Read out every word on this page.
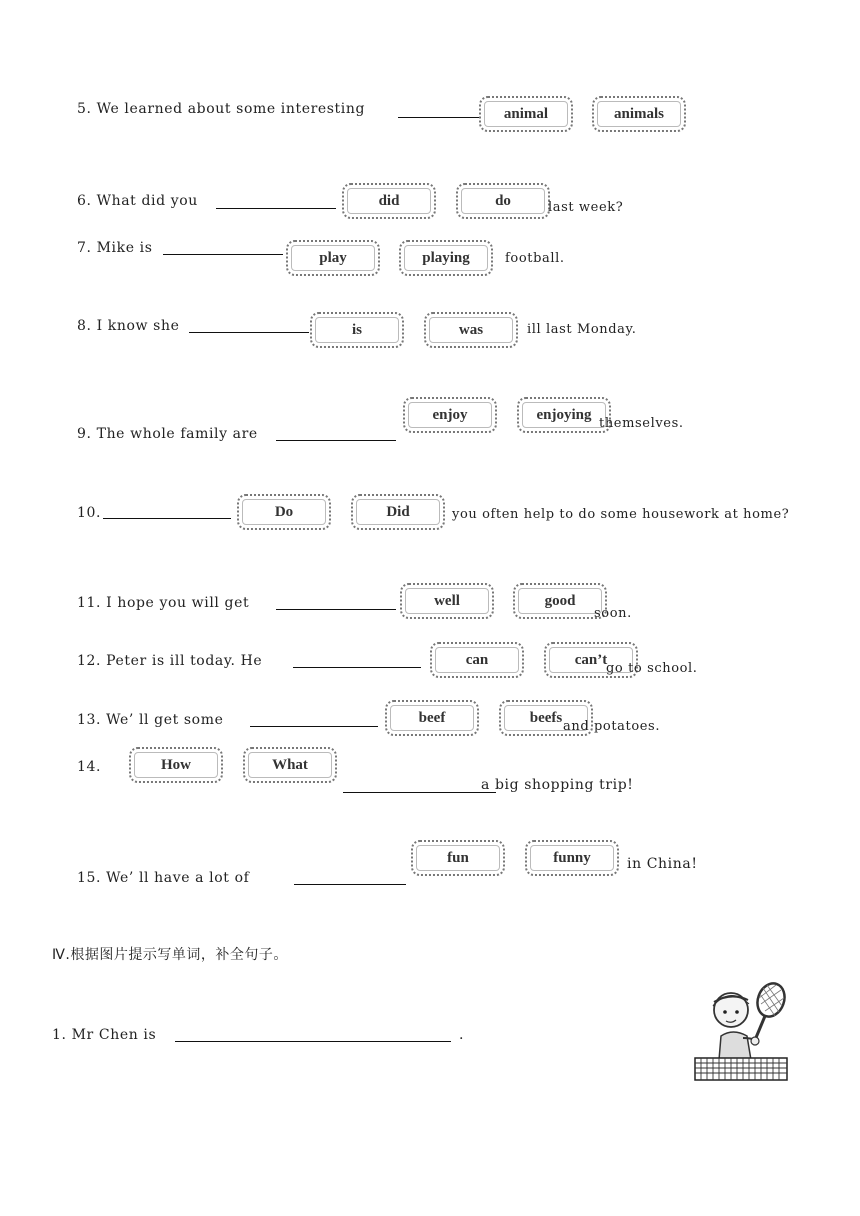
5. We learned about some interesting	animal	animals
6. What did you	did	do	last week?
7. Mike is
play	playing	football.
8. I know she	is	was	ill last Monday.
9. The whole family are
enjoy	enjoying
themselves.
10.	Do	Did	you often help to do some housework at home?
11. I hope you will get	well	good
soon.
12. Peter is ill today. He	can	can’t
go to school.
13. We’ ll get some	beef	beefs
and potatoes.
14.	How	What
a big shopping trip!
15. We’ ll have a lot of
fun	funny	in China!
Ⅳ.根据图片提示写单词，补全句子。
1. Mr Chen is	.
